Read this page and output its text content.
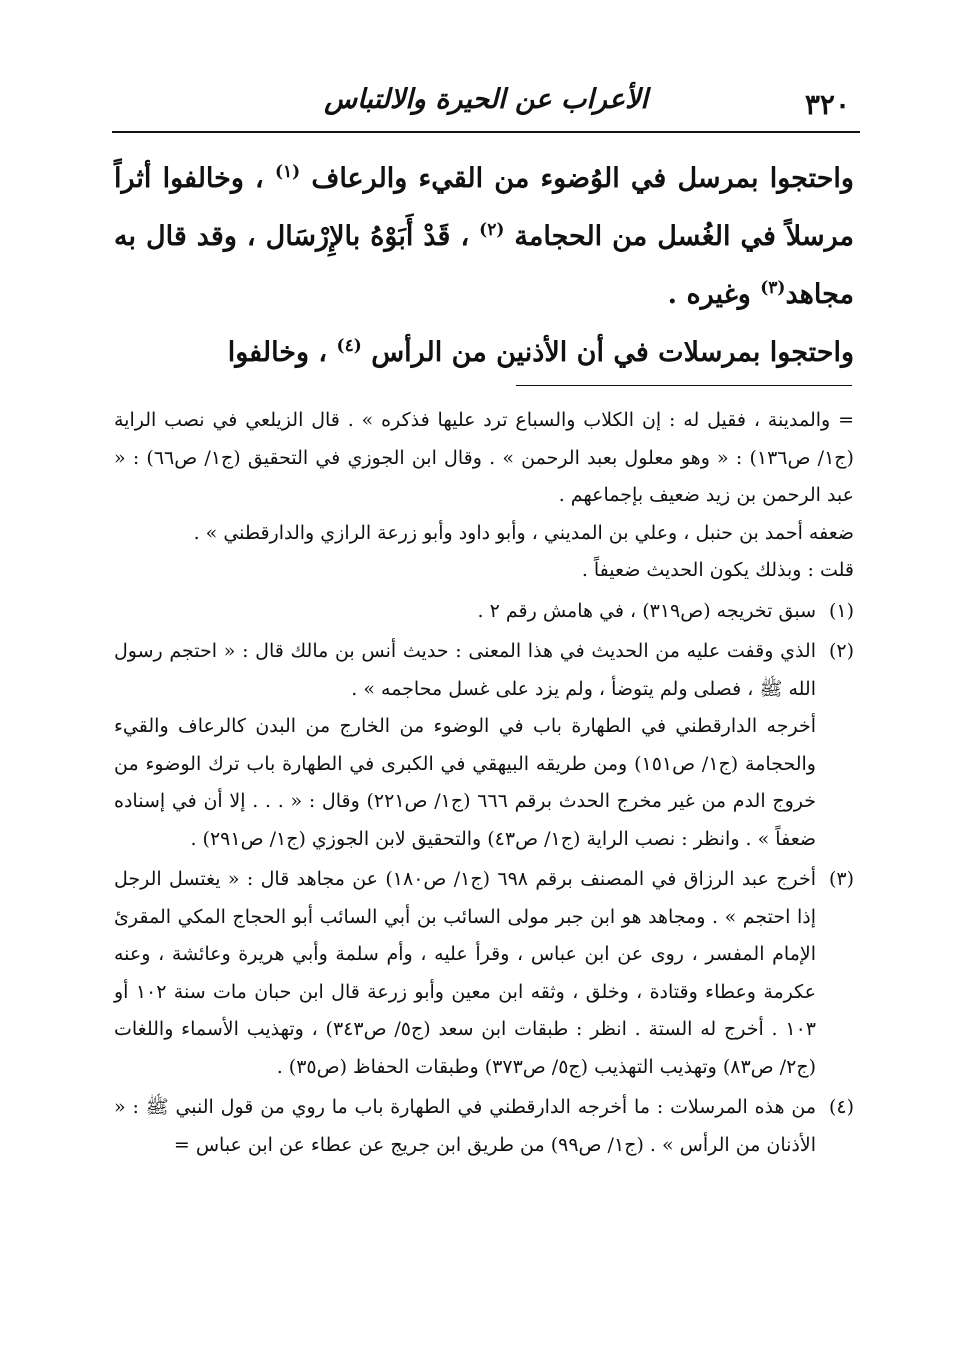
٣٢٠
الأعراب عن الحيرة والالتباس

واحتجوا بمرسل في الوُضوء من القيء والرعاف $^{(١)}$ ، وخالفوا أثراً مرسلاً في الغُسل من الحجامة $^{(٢)}$ ، قَدْ أَبَوْهُ بالإِرْسَال ، وقد قال به مجاهد$^{(٣)}$ وغيره .

واحتجوا بمرسلات في أن الأذنين من الرأس $^{(٤)}$ ، وخالفوا

= والمدينة ، فقيل له : إن الكلاب والسباع ترد عليها فذكره » . قال الزيلعي في نصب الراية (ج١/ ص١٣٦) : « وهو معلول بعبد الرحمن » . وقال ابن الجوزي في التحقيق (ج١/ ص٦٦) : « عبد الرحمن بن زيد ضعيف بإجماعهم .

ضعفه أحمد بن حنبل ، وعلي بن المديني ، وأبو داود وأبو زرعة الرازي والدارقطني » .

قلت : وبذلك يكون الحديث ضعيفاً .

(١)

سبق تخريجه (ص٣١٩) ، في هامش رقم ٢ .

(٢)

الذي وقفت عليه من الحديث في هذا المعنى : حديث أنس بن مالك قال : « احتجم رسول الله ﷺ ، فصلى ولم يتوضأ ، ولم يزد على غسل محاجمه » .

أخرجه الدارقطني في الطهارة باب في الوضوء من الخارج من البدن كالرعاف والقيء والحجامة (ج١/ ص١٥١) ومن طريقه البيهقي في الكبرى في الطهارة باب ترك الوضوء من خروج الدم من غير مخرج الحدث برقم ٦٦٦ (ج١/ ص٢٢١) وقال : « . . . إلا أن في إسناده ضعفاً » . وانظر : نصب الراية (ج١/ ص٤٣) والتحقيق لابن الجوزي (ج١/ ص٢٩١) .

(٣)

أخرج عبد الرزاق في المصنف برقم ٦٩٨ (ج١/ ص١٨٠) عن مجاهد قال : « يغتسل الرجل إذا احتجم » . ومجاهد هو ابن جبر مولى السائب بن أبي السائب أبو الحجاج المكي المقرئ الإمام المفسر ، روى عن ابن عباس ، وقرأ عليه ، وأم سلمة وأبي هريرة وعائشة ، وعنه عكرمة وعطاء وقتادة ، وخلق ، وثقه ابن معين وأبو زرعة قال ابن حبان مات سنة ١٠٢ أو ١٠٣ . أخرج له الستة . انظر : طبقات ابن سعد (ج٥/ ص٣٤٣) ، وتهذيب الأسماء واللغات (ج٢/ ص٨٣) وتهذيب التهذيب (ج٥/ ص٣٧٣) وطبقات الحفاظ (ص٣٥) .

(٤)

من هذه المرسلات : ما أخرجه الدارقطني في الطهارة باب ما روي من قول النبي ﷺ : « الأذنان من الرأس » . (ج١/ ص٩٩) من طريق ابن جريج عن عطاء عن ابن عباس =
